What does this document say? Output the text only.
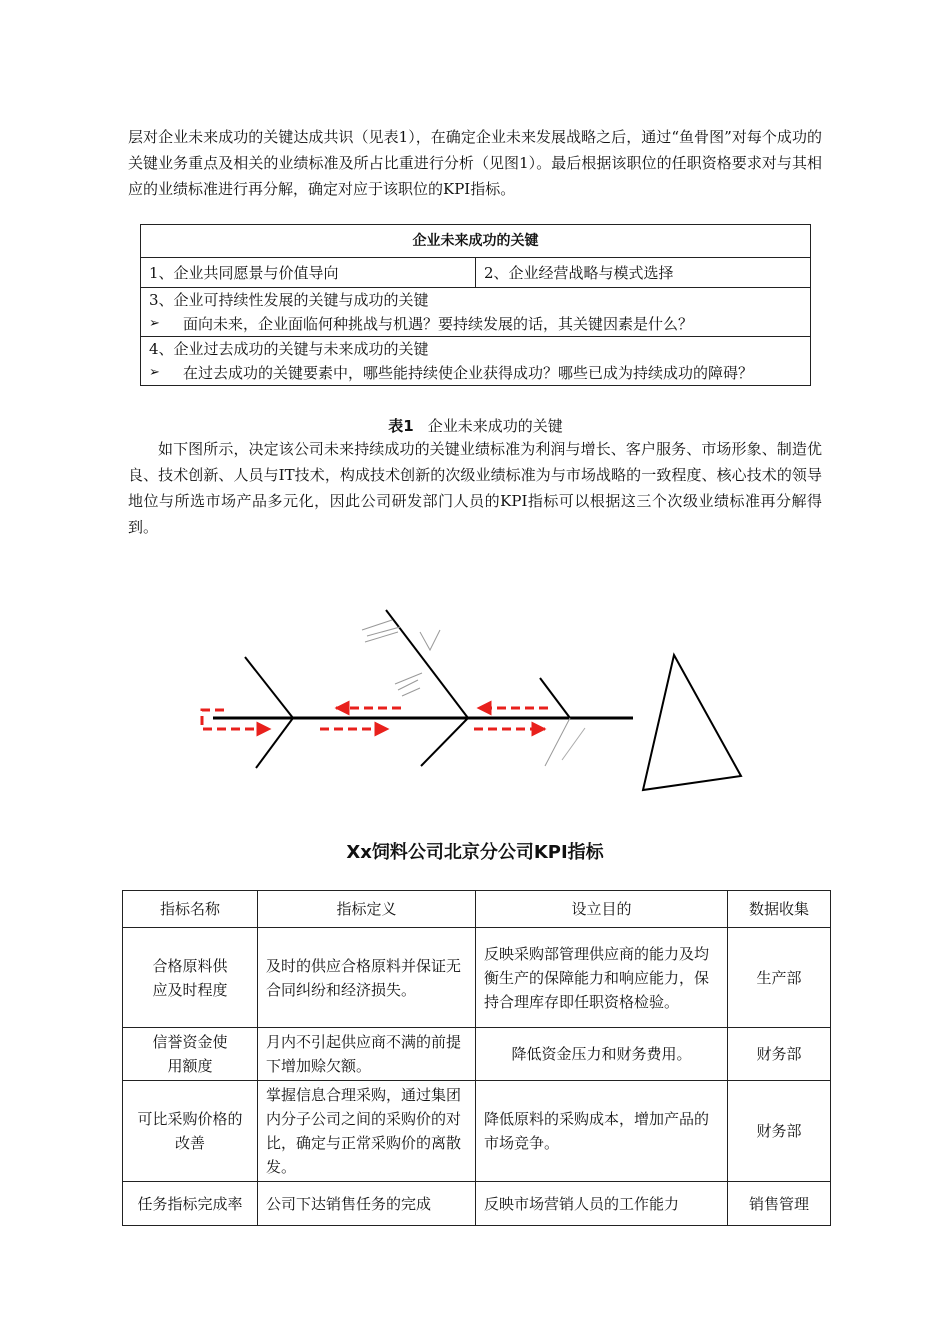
层对企业未来成功的关键达成共识（见表1），在确定企业未来发展战略之后，通过“鱼骨图”对每个成功的关键业务重点及相关的业绩标准及所占比重进行分析（见图1）。最后根据该职位的任职资格要求对与其相应的业绩标准进行再分解，确定对应于该职位的KPI指标。

企业未来成功的关键
1、企业共同愿景与价值导向	2、企业经营战略与模式选择

3、企业可持续性发展的关键与成功的关键
➢	面向未来，企业面临何种挑战与机遇？要持续发展的话，其关键因素是什么？

4、企业过去成功的关键与未来成功的关键
➢	在过去成功的关键要素中，哪些能持续使企业获得成功？哪些已成为持续成功的障碍？
表1 企业未来成功的关键

如下图所示，决定该公司未来持续成功的关键业绩标准为利润与增长、客户服务、市场形象、制造优良、技术创新、人员与IT技术，构成技术创新的次级业绩标准为与市场战略的一致程度、核心技术的领导地位与所选市场产品多元化，因此公司研发部门人员的KPI指标可以根据这三个次级业绩标准再分解得到。

Xx饲料公司北京分公司KPI指标
指标名称	指标定义	设立目的	数据收集
合格原料供应及时程度	及时的供应合格原料并保证无合同纠纷和经济损失。	反映采购部管理供应商的能力及均衡生产的保障能力和响应能力，保持合理库存即任职资格检验。	生产部
信誉资金使用额度	月内不引起供应商不满的前提下增加赊欠额。	降低资金压力和财务费用。	财务部
可比采购价格的改善	掌握信息合理采购，通过集团内分子公司之间的采购价的对比，确定与正常采购价的离散发。	降低原料的采购成本，增加产品的市场竞争。	财务部
任务指标完成率	公司下达销售任务的完成	反映市场营销人员的工作能力	销售管理
